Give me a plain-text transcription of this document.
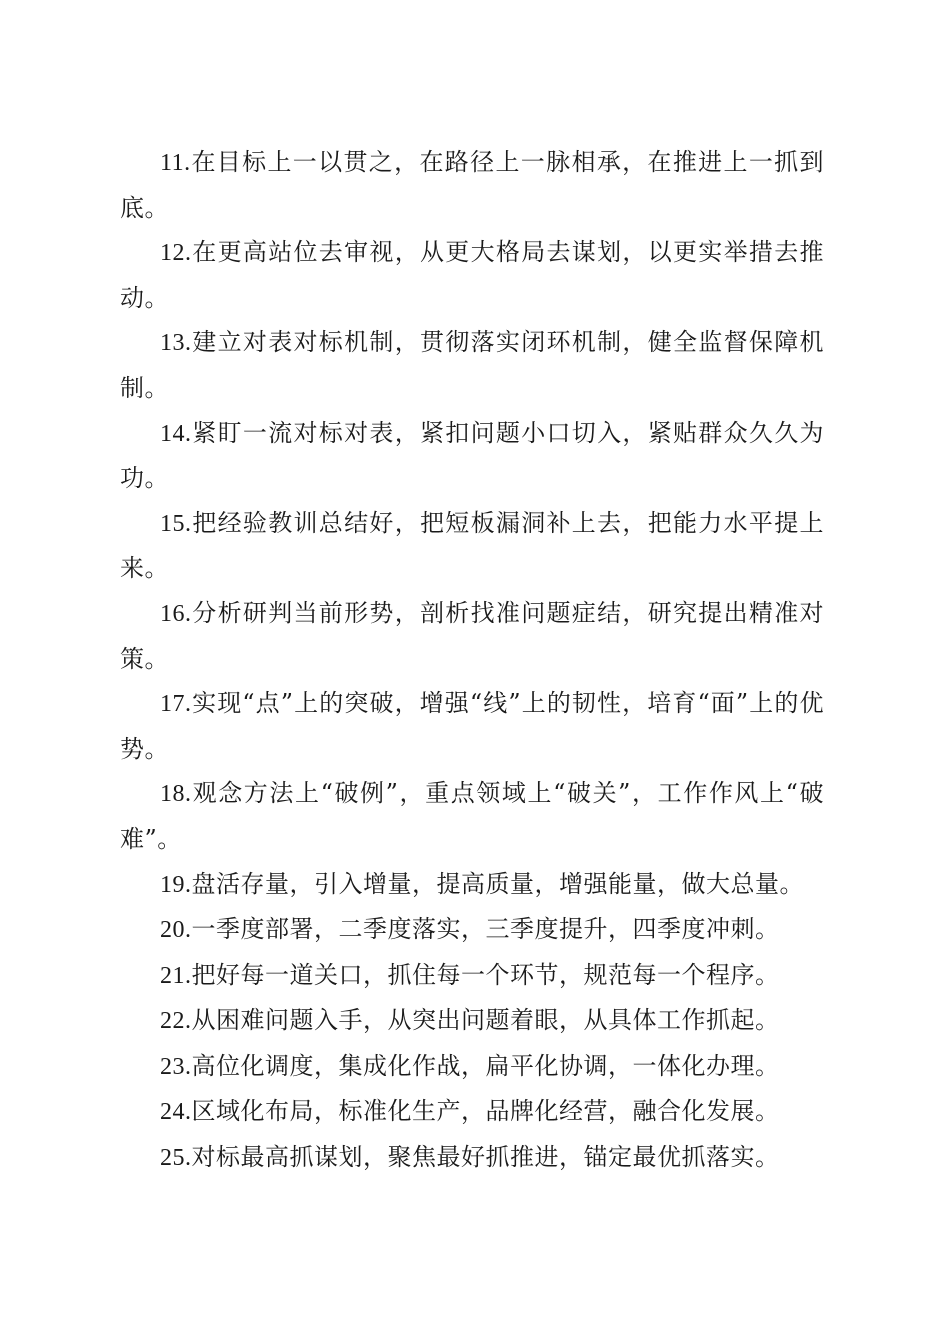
11.在目标上一以贯之，在路径上一脉相承，在推进上一抓到底。

12.在更高站位去审视，从更大格局去谋划，以更实举措去推动。

13.建立对表对标机制，贯彻落实闭环机制，健全监督保障机制。

14.紧盯一流对标对表，紧扣问题小口切入，紧贴群众久久为功。

15.把经验教训总结好，把短板漏洞补上去，把能力水平提上来。

16.分析研判当前形势，剖析找准问题症结，研究提出精准对策。

17.实现“点”上的突破，增强“线”上的韧性，培育“面”上的优势。

18.观念方法上“破例”，重点领域上“破关”，工作作风上“破难”。

19.盘活存量，引入增量，提高质量，增强能量，做大总量。

20.一季度部署，二季度落实，三季度提升，四季度冲刺。

21.把好每一道关口，抓住每一个环节，规范每一个程序。

22.从困难问题入手，从突出问题着眼，从具体工作抓起。

23.高位化调度，集成化作战，扁平化协调，一体化办理。

24.区域化布局，标准化生产，品牌化经营，融合化发展。

25.对标最高抓谋划，聚焦最好抓推进，锚定最优抓落实。
